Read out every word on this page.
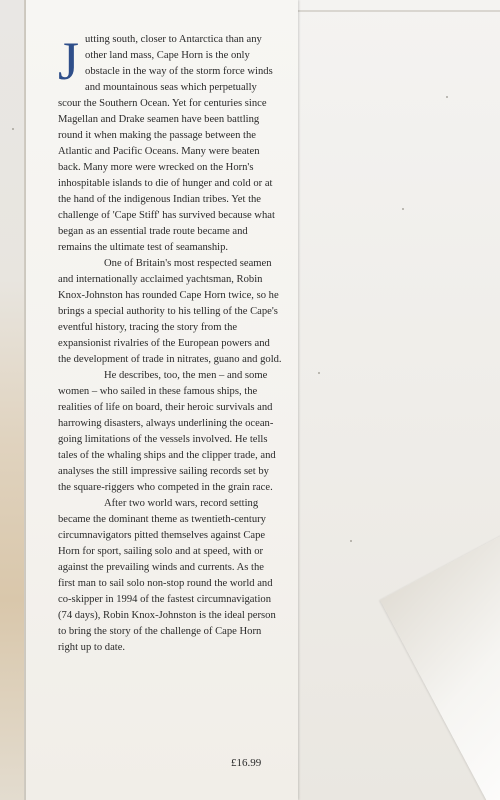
Jutting south, closer to Antarctica than any other land mass, Cape Horn is the only obstacle in the way of the storm force winds and mountainous seas which perpetually scour the Southern Ocean. Yet for centuries since Magellan and Drake seamen have been battling round it when making the passage between the Atlantic and Pacific Oceans. Many were beaten back. Many more were wrecked on the Horn's inhospitable islands to die of hunger and cold or at the hand of the indigenous Indian tribes. Yet the challenge of 'Cape Stiff' has survived because what began as an essential trade route became and remains the ultimate test of seamanship.

One of Britain's most respected seamen and internationally acclaimed yachtsman, Robin Knox-Johnston has rounded Cape Horn twice, so he brings a special authority to his telling of the Cape's eventful history, tracing the story from the expansionist rivalries of the European powers and the development of trade in nitrates, guano and gold.

He describes, too, the men – and some women – who sailed in these famous ships, the realities of life on board, their heroic survivals and harrowing disasters, always underlining the ocean-going limitations of the vessels involved. He tells tales of the whaling ships and the clipper trade, and analyses the still impressive sailing records set by the square-riggers who competed in the grain race.

After two world wars, record setting became the dominant theme as twentieth-century circumnavigators pitted themselves against Cape Horn for sport, sailing solo and at speed, with or against the prevailing winds and currents. As the first man to sail solo non-stop round the world and co-skipper in 1994 of the fastest circumnavigation (74 days), Robin Knox-Johnston is the ideal person to bring the story of the challenge of Cape Horn right up to date.

£16.99
